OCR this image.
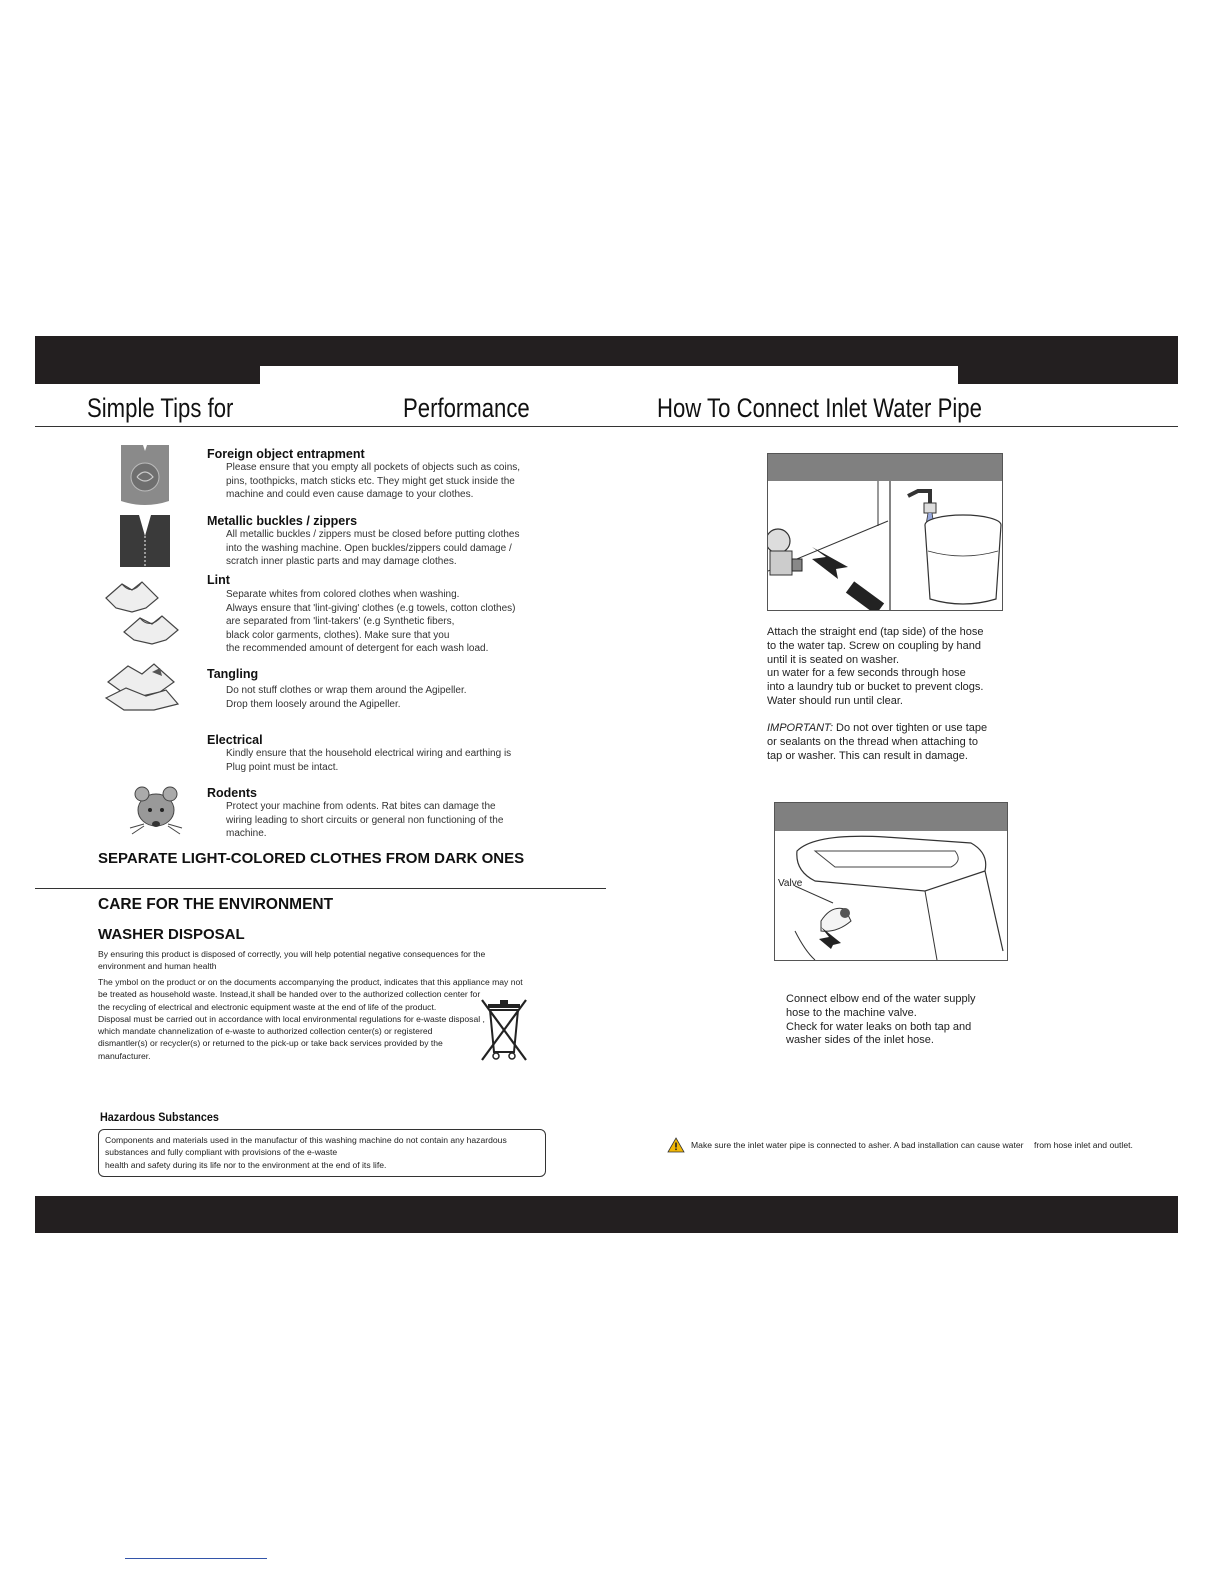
Simple Tips for	Performance
Foreign object entrapment
Please ensure that you empty all pockets of objects such as coins,
pins, toothpicks, match sticks etc. They might get stuck inside the
machine and could even cause damage to your clothes.
Metallic buckles / zippers
All metallic buckles / zippers must be closed before putting clothes
into the washing machine. Open buckles/zippers could damage /
scratch inner plastic parts and may damage clothes.
Lint
Separate whites from colored clothes when washing.
Always ensure that 'lint-giving' clothes (e.g towels, cotton clothes)
are separated from 'lint-takers' (e.g Synthetic fibers,
black color garments, clothes). Make sure that you
the recommended amount of detergent for each wash load.
Tangling
Do not stuff clothes or wrap them around the Agipeller.
Drop them loosely around the Agipeller.
Electrical
Kindly ensure that the household electrical wiring and earthing is
Plug point must be intact.
Rodents
Protect your machine from odents. Rat bites can damage the
wiring leading to short circuits or general non functioning of the
machine.
SEPARATE LIGHT-COLORED CLOTHES FROM DARK ONES
CARE FOR THE ENVIRONMENT
WASHER DISPOSAL
By ensuring this product is disposed of correctly, you will help potential negative consequences for the
environment and human health
The ymbol on the product or on the documents accompanying the product, indicates that this appliance may not
be treated as household waste. Instead,it shall be handed over to the authorized collection center for
the recycling of electrical and electronic equipment waste at the end of life of the product.
Disposal must be carried out in accordance with local environmental regulations for e-waste disposal ,
which mandate channelization of e-waste to authorized collection center(s) or registered
dismantler(s) or recycler(s) or returned to the pick-up or take back services provided by the
manufacturer.
Hazardous Substances
Components and materials used in the manufactur of this washing machine do not contain any hazardous
substances and fully compliant with provisions of the e-waste
health and safety during its life nor to the environment at the end of its life.
How To Connect Inlet Water Pipe
Attach the straight end (tap side) of the hose
to the water tap. Screw on coupling by hand
until it is seated on washer.
un water for a few seconds through hose
into a laundry tub or bucket to prevent clogs.
Water should run until clear.
IMPORTANT: Do not over tighten or use tape
or sealants on the thread when attaching to
tap or washer. This can result in damage.
Valve
Connect elbow end of the water supply
hose to the machine valve.
Check for water leaks on both tap and
washer sides of the inlet hose.
Make sure the inlet water pipe is connected to asher. A bad installation can cause water from hose inlet and outlet.
